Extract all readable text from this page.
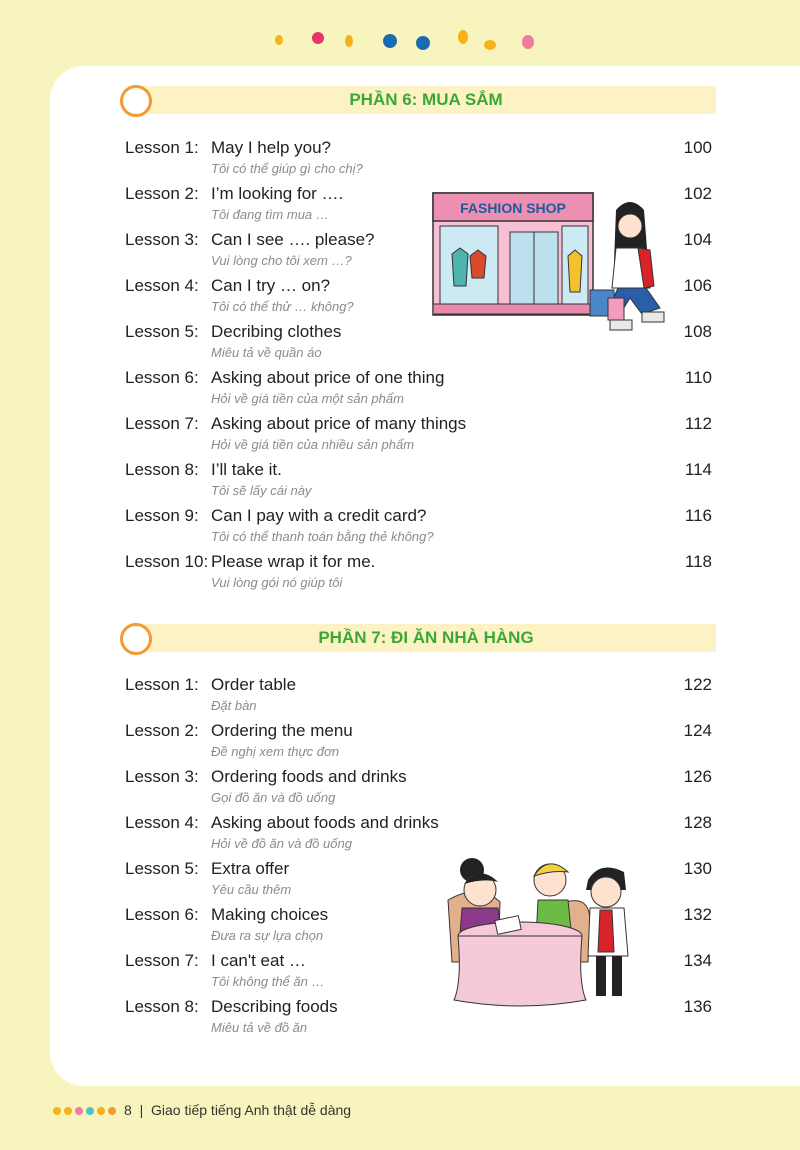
PHẦN 6: MUA SẮM
Lesson 1: May I help you?
Tôi có thể giúp gì cho chị?
100
Lesson 2: I’m looking for ….
Tôi đang tìm mua …
102
Lesson 3: Can I see …. please?
Vui lòng cho tôi xem …?
104
Lesson 4: Can I try … on?
Tôi có thể thử … không?
106
Lesson 5: Decribing clothes
Miêu tả về quần áo
108
Lesson 6: Asking about price of one thing
Hỏi về giá tiền của một sản phẩm
110
Lesson 7: Asking about price of many things
Hỏi về giá tiền của nhiều sản phẩm
112
Lesson 8: I’ll take it.
Tôi sẽ lấy cái này
114
Lesson 9: Can I pay with a credit card?
Tôi có thể thanh toán bằng thẻ không?
116
Lesson 10: Please wrap it for me.
Vui lòng gói nó giúp tôi
118
FASHION SHOP
PHẦN 7: ĐI ĂN NHÀ HÀNG
Lesson 1: Order table
Đặt bàn
122
Lesson 2: Ordering the menu
Đề nghị xem thực đơn
124
Lesson 3: Ordering foods and drinks
Gọi đồ ăn và đồ uống
126
Lesson 4: Asking about foods and drinks
Hỏi về đồ ăn và đồ uống
128
Lesson 5: Extra offer
Yêu cầu thêm
130
Lesson 6: Making choices
Đưa ra sự lựa chọn
132
Lesson 7: I can't eat …
Tôi không thể ăn …
134
Lesson 8: Describing foods
Miêu tả về đồ ăn
136
8 | Giao tiếp tiếng Anh thật dễ dàng
